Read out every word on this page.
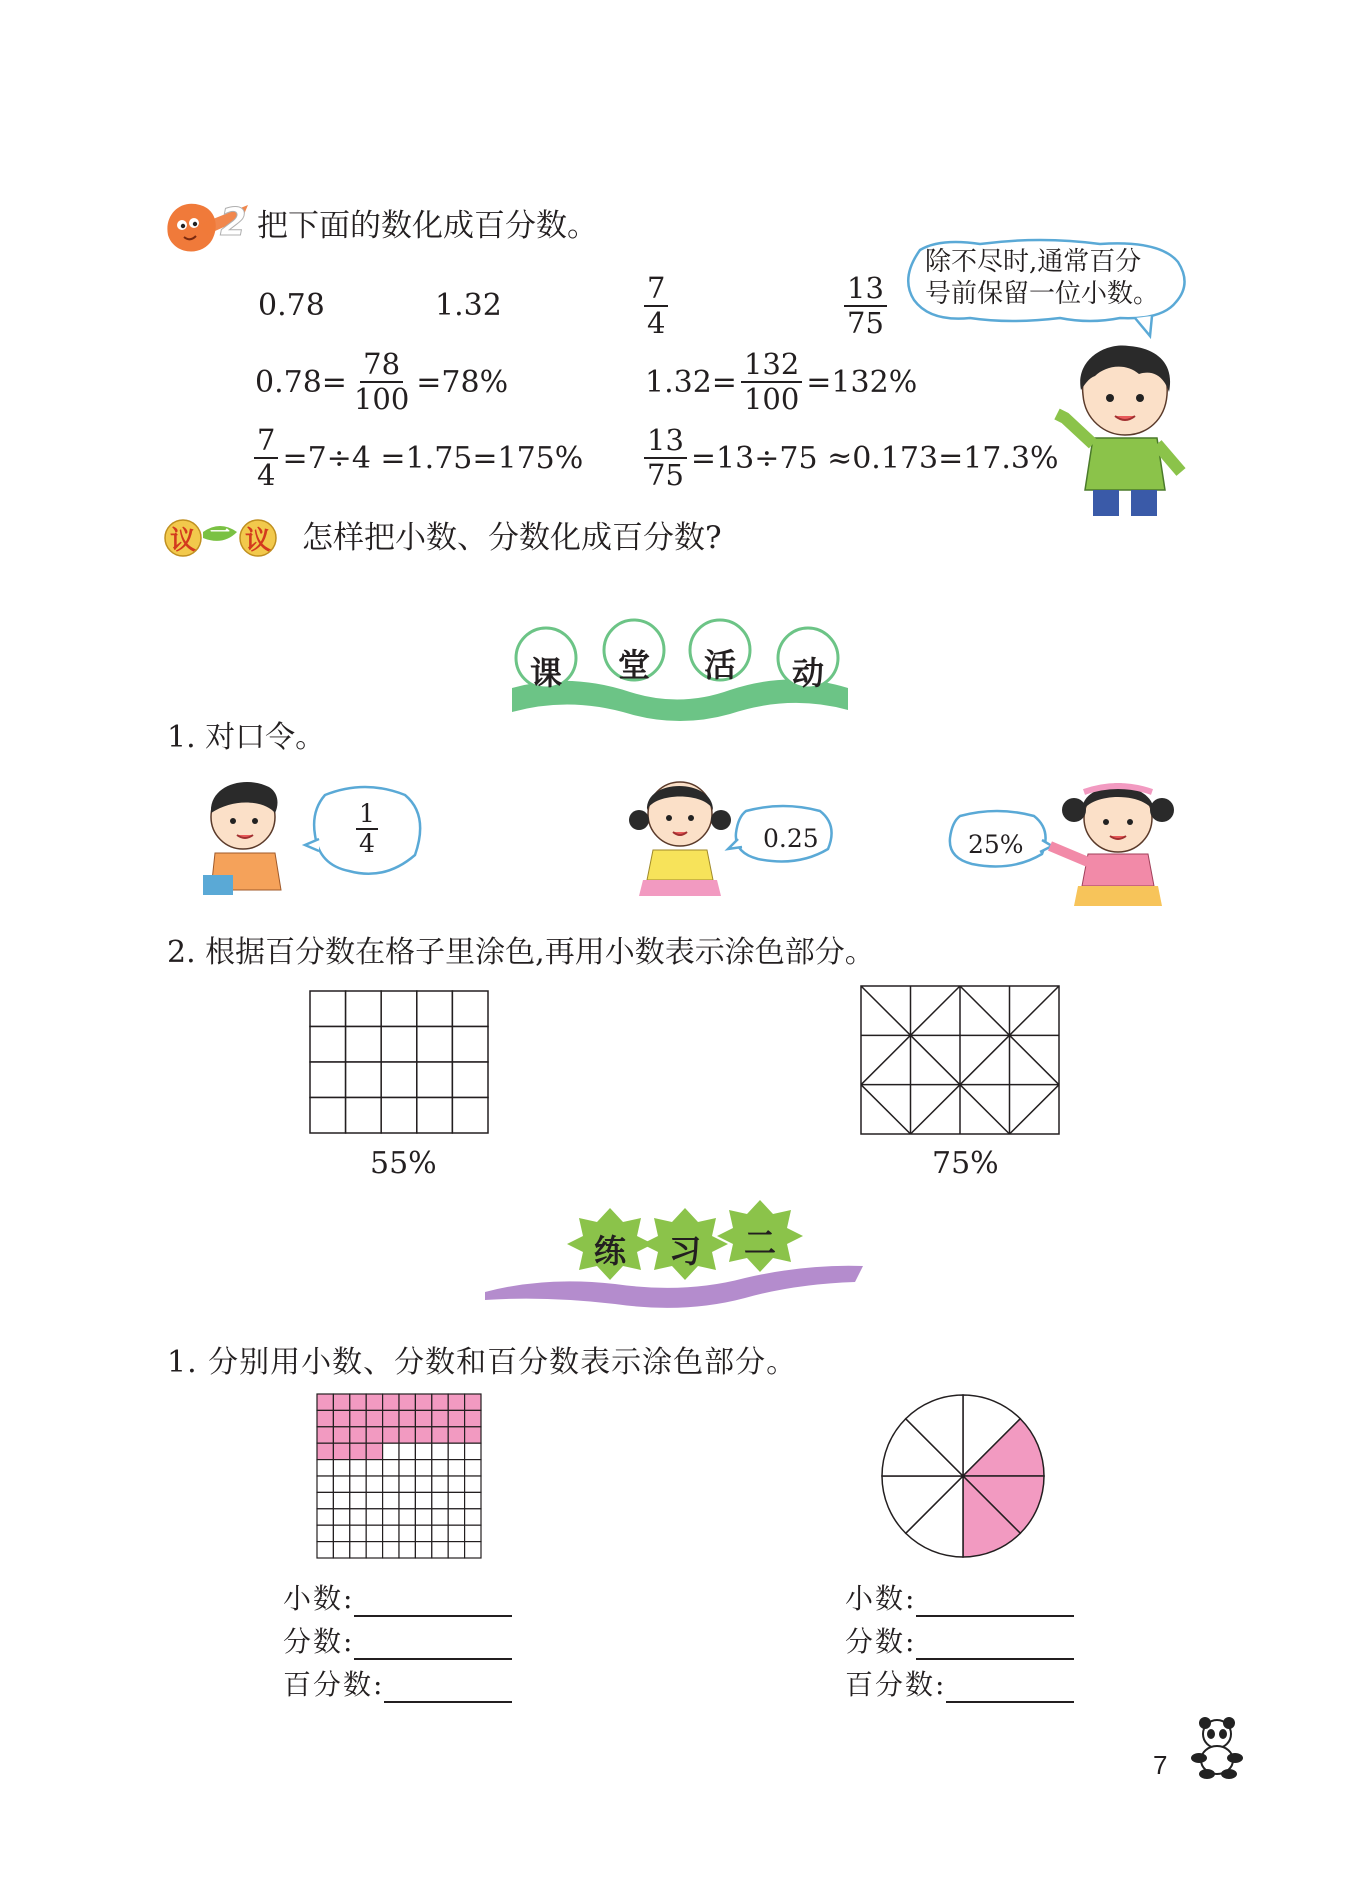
2 把下面的数化成百分数。
0.78	1.32	$\frac{7}{4}$	$\frac{13}{75}$
$0.78= \frac{78}{100} =78\%$	$1.32= \frac{132}{100} =132\%$
$\frac{7}{4} =7\div 4 =1.75=175\% \frac{13}{75} =13\div 75 \approx 0.173=17.3\%$
除不尽时,通常百分
号前保留一位小数。
议 一 议 怎样把小数、分数化成百分数?
课 堂 活 动
1. 对口令。
$\frac{1}{4}$	0.25	25%
2. 根据百分数在格子里涂色,再用小数表示涂色部分。
55%	75%
练 习 二
1. 分别用小数、分数和百分数表示涂色部分。
小数:
分数:
百分数:
小数:
分数:
百分数:
7
